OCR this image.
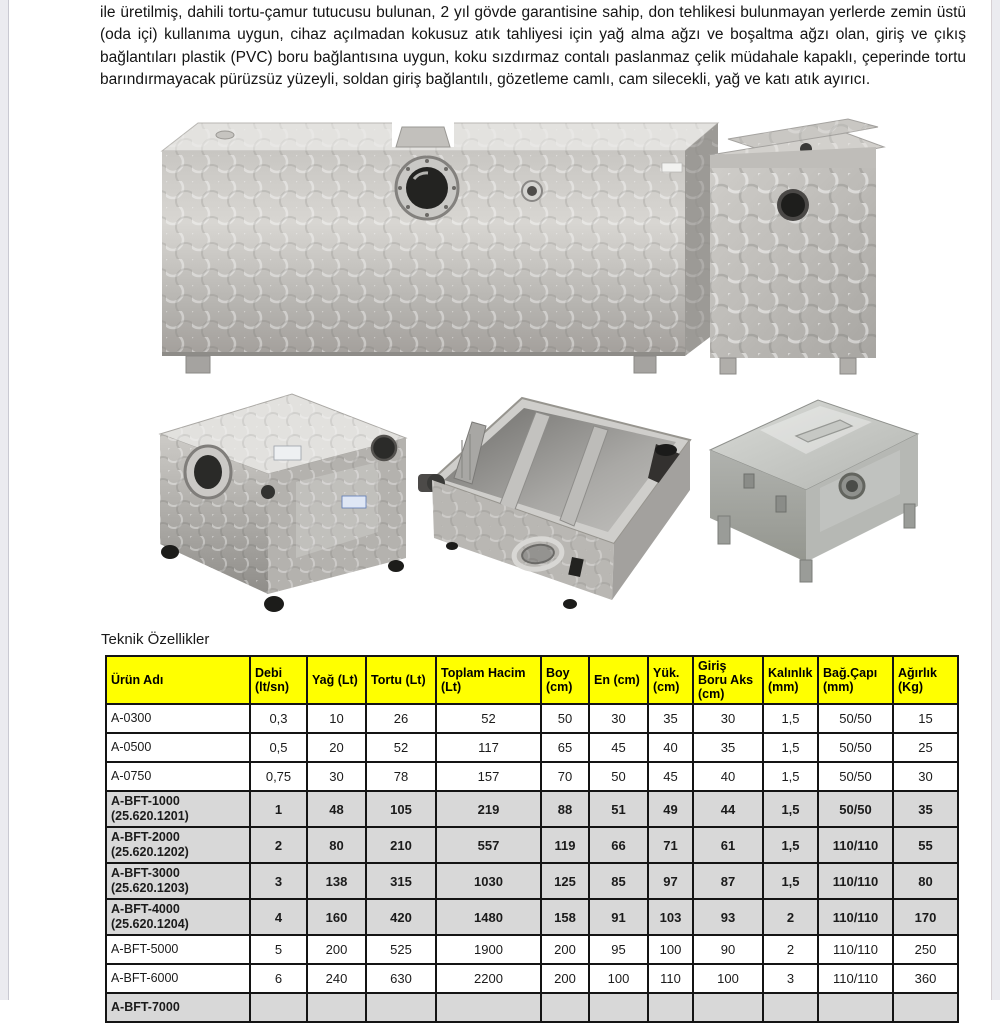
ile üretilmiş, dahili tortu-çamur tutucusu bulunan, 2 yıl gövde garantisine sahip, don tehlikesi bulunmayan yerlerde zemin üstü (oda içi) kullanıma uygun, cihaz açılmadan kokusuz atık tahliyesi için yağ alma ağzı ve boşaltma ağzı olan, giriş ve çıkış bağlantıları plastik (PVC) boru bağlantısına uygun, koku sızdırmaz contalı paslanmaz çelik müdahale kapaklı, çeperinde tortu barındırmayacak pürüzsüz yüzeyli, soldan giriş bağlantılı, gözetleme camlı, cam silecekli, yağ ve katı atık ayırıcı.

Teknik Özellikler
Ürün Adı	Debi (lt/sn)	Yağ (Lt)	Tortu (Lt)	Toplam Hacim (Lt)	Boy (cm)	En (cm)	Yük. (cm)	Giriş Boru Aks (cm)	Kalınlık (mm)	Bağ.Çapı (mm)	Ağırlık (Kg)

A-0300	0,3	10	26	52	50	30	35	30	1,5	50/50	15

A-0500	0,5	20	52	117	65	45	40	35	1,5	50/50	25

A-0750	0,75	30	78	157	70	50	45	40	1,5	50/50	30

A-BFT-1000
(25.620.1201)	1	48	105	219	88	51	49	44	1,5	50/50	35

A-BFT-2000
(25.620.1202)	2	80	210	557	119	66	71	61	1,5	110/110	55

A-BFT-3000
(25.620.1203)	3	138	315	1030	125	85	97	87	1,5	110/110	80

A-BFT-4000
(25.620.1204)	4	160	420	1480	158	91	103	93	2	110/110	170

A-BFT-5000	5	200	525	1900	200	95	100	90	2	110/110	250

A-BFT-6000	6	240	630	2200	200	100	110	100	3	110/110	360

A-BFT-7000											
